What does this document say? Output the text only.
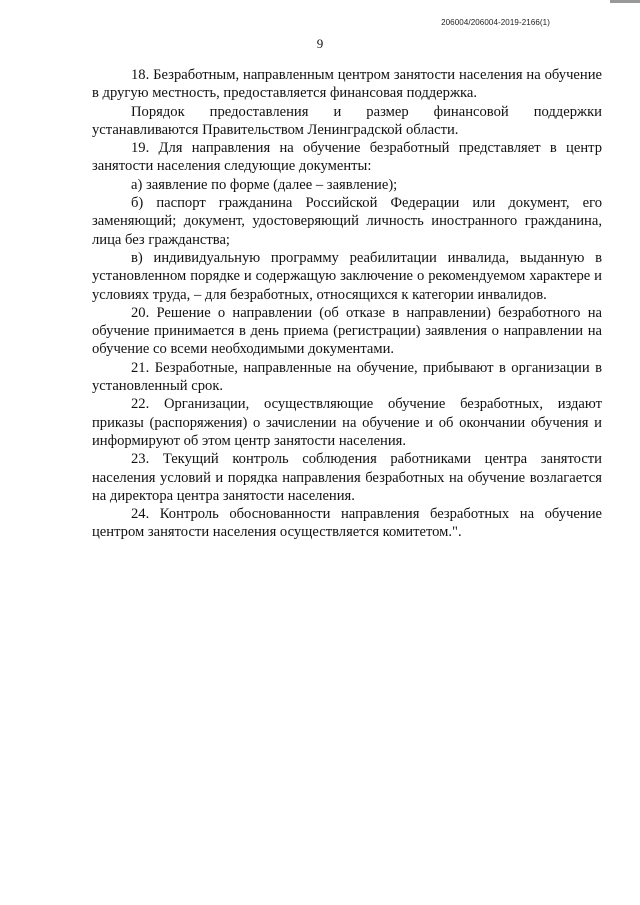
206004/206004-2019-2166(1)
9

18. Безработным, направленным центром занятости населения на обучение в другую местность, предоставляется финансовая поддержка.

Порядок предоставления и размер финансовой поддержки устанавливаются Правительством Ленинградской области.

19. Для направления на обучение безработный представляет в центр занятости населения следующие документы:

а) заявление по форме (далее – заявление);

б) паспорт гражданина Российской Федерации или документ, его заменяющий; документ, удостоверяющий личность иностранного гражданина, лица без гражданства;

в) индивидуальную программу реабилитации инвалида, выданную в установленном порядке и содержащую заключение о рекомендуемом характере и условиях труда, – для безработных, относящихся к категории инвалидов.

20. Решение о направлении (об отказе в направлении) безработного на обучение принимается в день приема (регистрации) заявления о направлении на обучение со всеми необходимыми документами.

21. Безработные, направленные на обучение, прибывают в организации в установленный срок.

22. Организации, осуществляющие обучение безработных, издают приказы (распоряжения) о зачислении на обучение и об окончании обучения и информируют об этом центр занятости населения.

23. Текущий контроль соблюдения работниками центра занятости населения условий и порядка направления безработных на обучение возлагается на директора центра занятости населения.

24. Контроль обоснованности направления безработных на обучение центром занятости населения осуществляется комитетом.".
